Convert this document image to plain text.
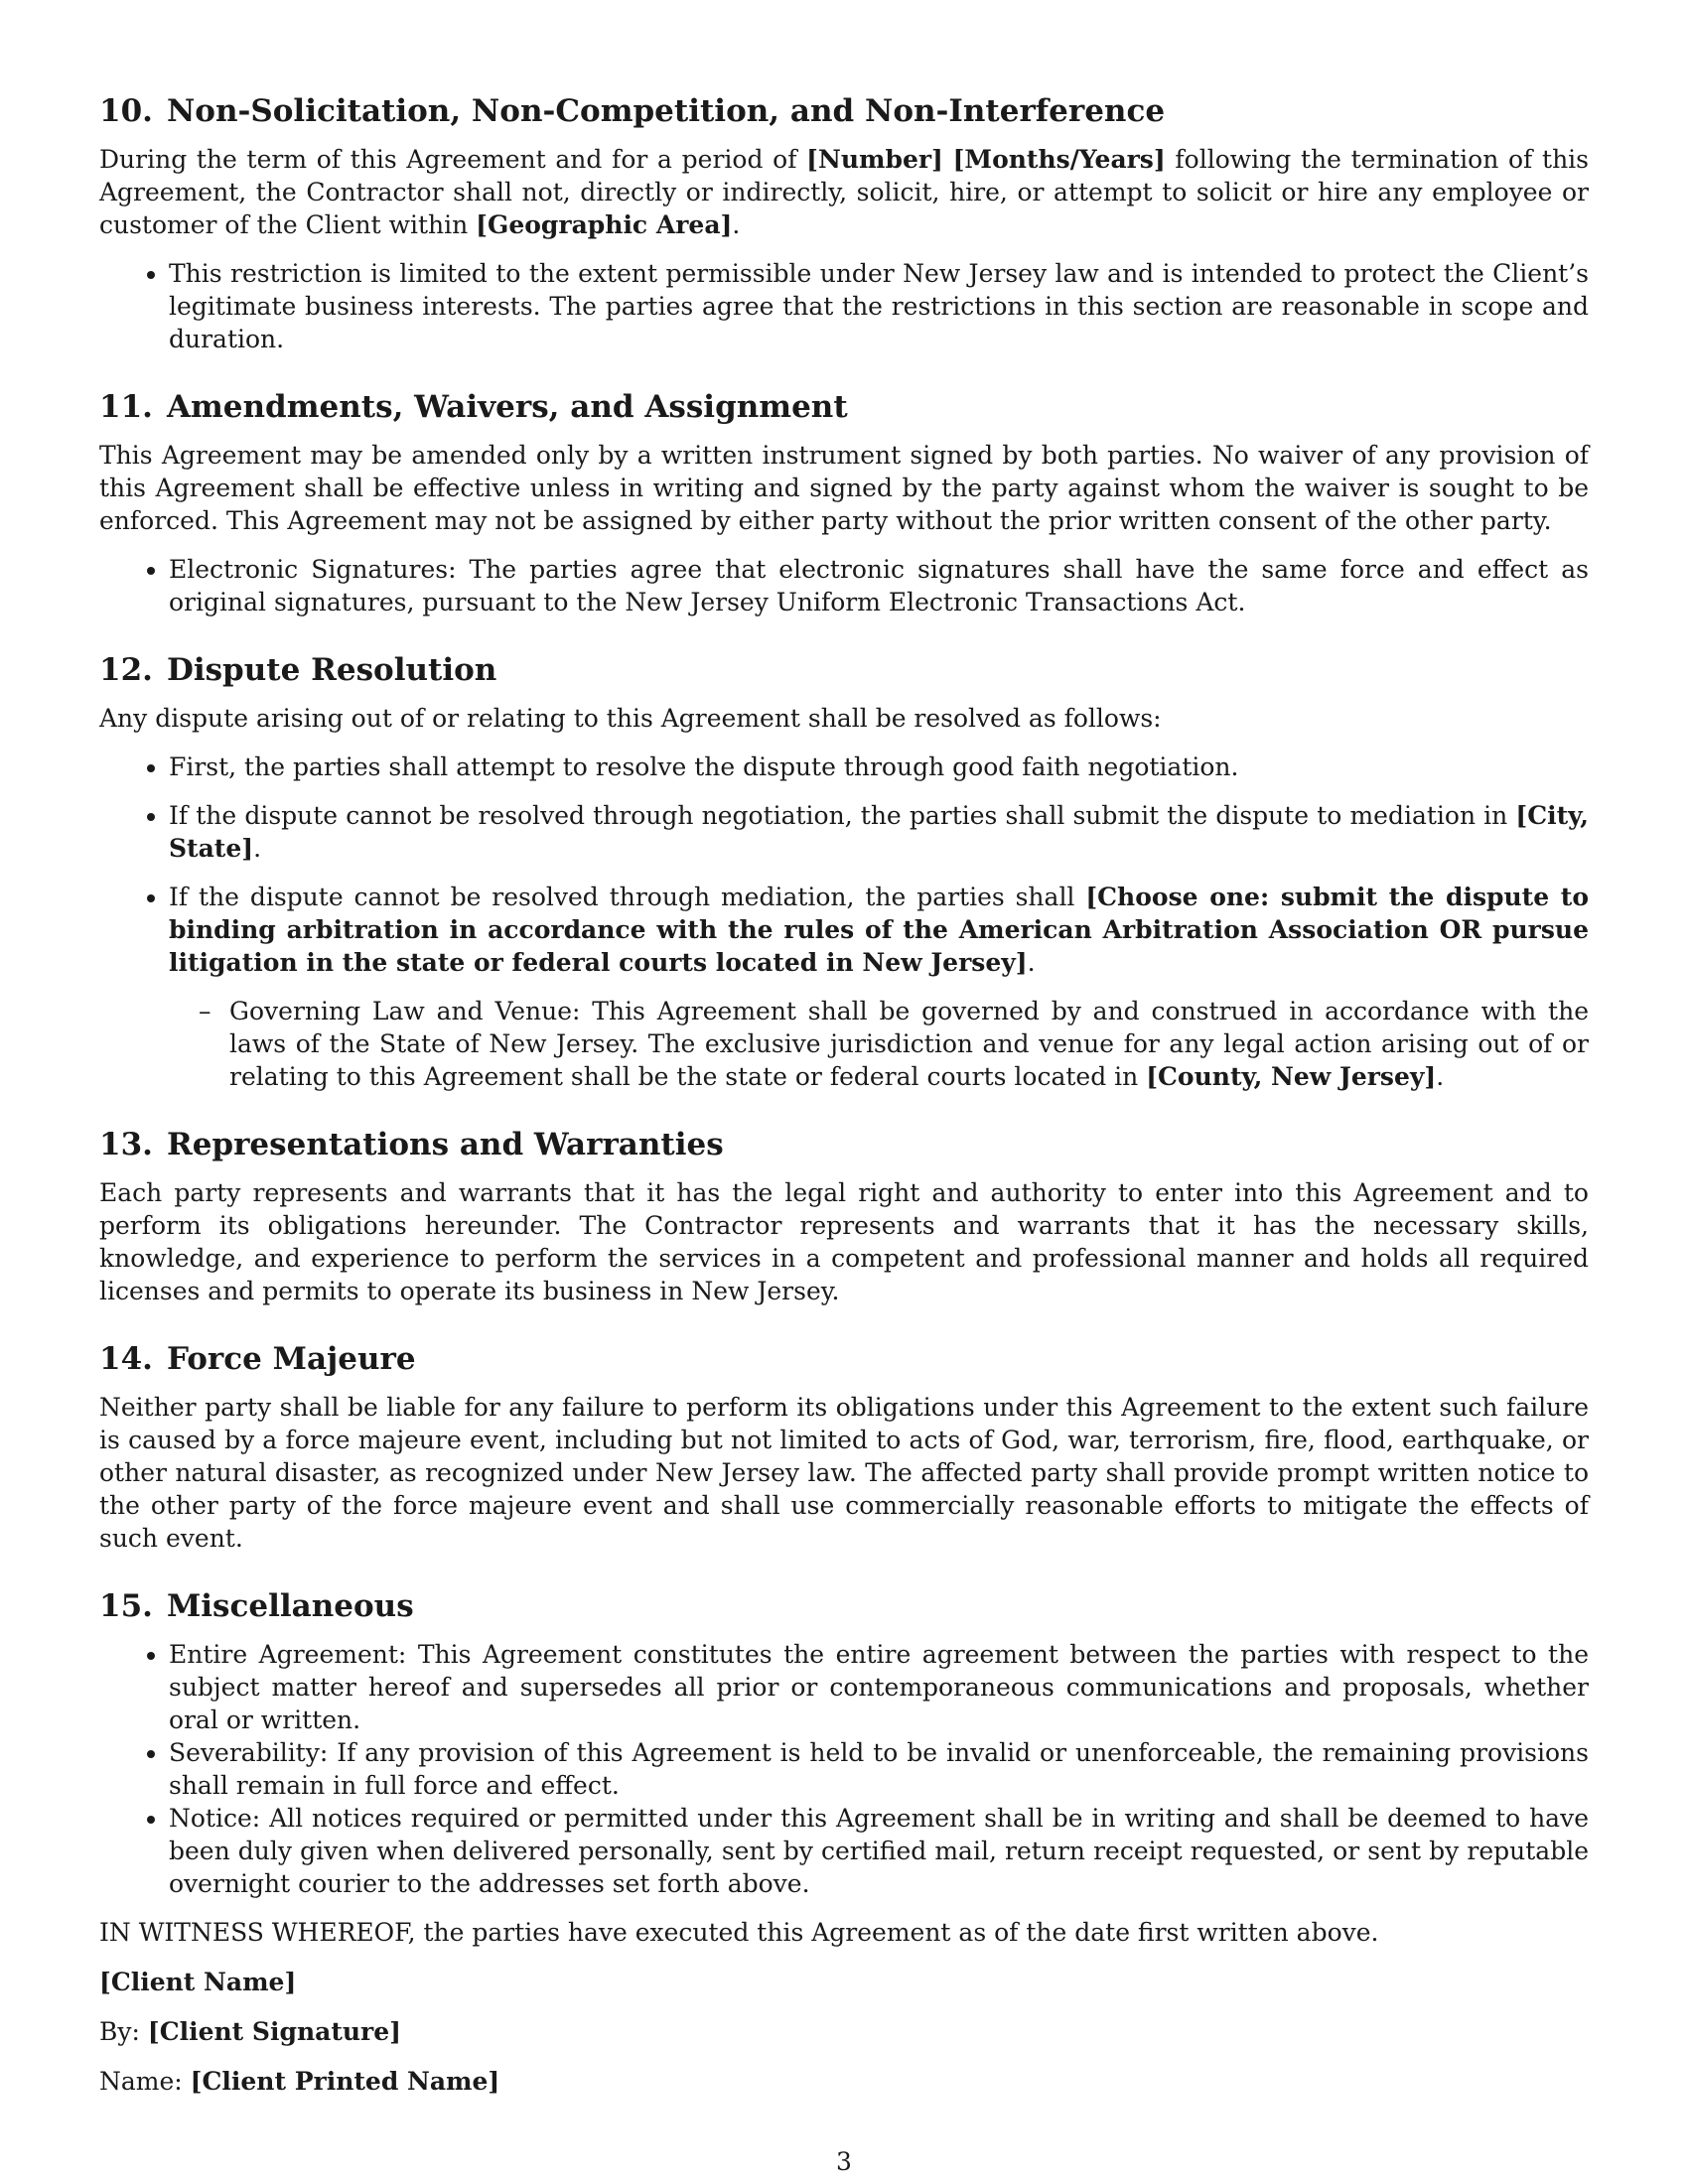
10. Non-Solicitation, Non-Competition, and Non-Interference

During the term of this Agreement and for a period of [Number] [Months/Years] following the termination of this Agreement, the Contractor shall not, directly or indirectly, solicit, hire, or attempt to solicit or hire any employee or customer of the Client within [Geographic Area].

• This restriction is limited to the extent permissible under New Jersey law and is intended to protect the Client’s legitimate business interests. The parties agree that the restrictions in this section are reasonable in scope and duration.
11. Amendments, Waivers, and Assignment

This Agreement may be amended only by a written instrument signed by both parties. No waiver of any provision of this Agreement shall be effective unless in writing and signed by the party against whom the waiver is sought to be enforced. This Agreement may not be assigned by either party without the prior written consent of the other party.

• Electronic Signatures: The parties agree that electronic signatures shall have the same force and effect as original signatures, pursuant to the New Jersey Uniform Electronic Transactions Act.
12. Dispute Resolution

Any dispute arising out of or relating to this Agreement shall be resolved as follows:

• First, the parties shall attempt to resolve the dispute through good faith negotiation.
• If the dispute cannot be resolved through negotiation, the parties shall submit the dispute to mediation in [City, State].
• If the dispute cannot be resolved through mediation, the parties shall [Choose one: submit the dispute to binding arbitration in accordance with the rules of the American Arbitration Association OR pursue litigation in the state or federal courts located in New Jersey].
– Governing Law and Venue: This Agreement shall be governed by and construed in accordance with the laws of the State of New Jersey. The exclusive jurisdiction and venue for any legal action arising out of or relating to this Agreement shall be the state or federal courts located in [County, New Jersey].
13. Representations and Warranties

Each party represents and warrants that it has the legal right and authority to enter into this Agreement and to perform its obligations hereunder. The Contractor represents and warrants that it has the necessary skills, knowledge, and experience to perform the services in a competent and professional manner and holds all required licenses and permits to operate its business in New Jersey.

14. Force Majeure

Neither party shall be liable for any failure to perform its obligations under this Agreement to the extent such failure is caused by a force majeure event, including but not limited to acts of God, war, terrorism, fire, flood, earthquake, or other natural disaster, as recognized under New Jersey law. The affected party shall provide prompt written notice to the other party of the force majeure event and shall use commercially reasonable efforts to mitigate the effects of such event.

15. Miscellaneous
• Entire Agreement: This Agreement constitutes the entire agreement between the parties with respect to the subject matter hereof and supersedes all prior or contemporaneous communications and proposals, whether oral or written.
• Severability: If any provision of this Agreement is held to be invalid or unenforceable, the remaining provisions shall remain in full force and effect.
• Notice: All notices required or permitted under this Agreement shall be in writing and shall be deemed to have been duly given when delivered personally, sent by certified mail, return receipt requested, or sent by reputable overnight courier to the addresses set forth above.

IN WITNESS WHEREOF, the parties have executed this Agreement as of the date first written above.

[Client Name]

By: [Client Signature]

Name: [Client Printed Name]

3
